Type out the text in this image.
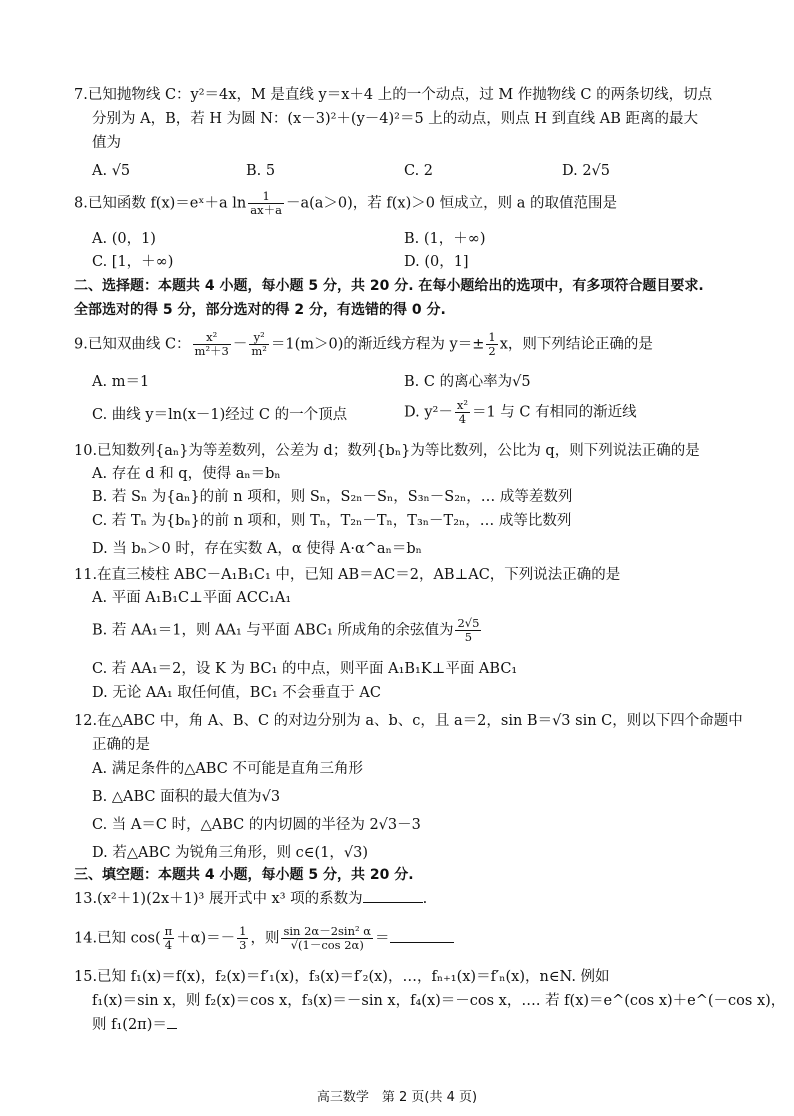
7.已知抛物线 C：y²＝4x，M 是直线 y＝x＋4 上的一个动点，过 M 作抛物线 C 的两条切线，切点
分别为 A，B，若 H 为圆 N：(x－3)²＋(y－4)²＝5 上的动点，则点 H 到直线 AB 距离的最大
值为
A. √5	B. 5	C. 2	D. 2√5
8.已知函数 f(x)＝eˣ＋a $\ln \frac{1}{ax+a} -a(a>0)$，若 f(x)＞0 恒成立，则 a 的取值范围是
A. (0，1)	B. (1，＋∞)
C. [1，＋∞)	D. (0，1]
二、选择题：本题共 4 小题，每小题 5 分，共 20 分. 在每小题给出的选项中，有多项符合题目要求.
全部选对的得 5 分，部分选对的得 2 分，有选错的得 0 分.
9.已知双曲线 C： $\frac{\text{x²}}{\text{m²＋3}} - \frac{\text{y²}}{\text{m²}} =1(m>0)$的渐近线方程为 $y=\pm \frac{1}{2}$ x，则下列结论正确的是
A. m＝1	B. C 的离心率为√5
C. 曲线 y＝ln(x－1)经过 C 的一个顶点	D. $y^2- \frac{\text{x²}}{4} =1$ 与 C 有相同的渐近线
10.已知数列{aₙ}为等差数列，公差为 d；数列{bₙ}为等比数列，公比为 q，则下列说法正确的是
A. 存在 d 和 q，使得 aₙ＝bₙ
B. 若 Sₙ 为{aₙ}的前 n 项和，则 Sₙ，S₂ₙ－Sₙ，S₃ₙ－S₂ₙ，… 成等差数列
C. 若 Tₙ 为{bₙ}的前 n 项和，则 Tₙ，T₂ₙ－Tₙ，T₃ₙ－T₂ₙ，… 成等比数列
D. 当 bₙ＞0 时，存在实数 A，α 使得 A·α^aₙ＝bₙ
11.在直三棱柱 ABC－A₁B₁C₁ 中，已知 AB＝AC＝2，AB⊥AC，下列说法正确的是
A. 平面 A₁B₁C⊥平面 ACC₁A₁
B. 若 AA₁＝1，则 AA₁ 与平面 ABC₁ 所成角的余弦值为 $\frac{2√5}{5}$
C. 若 AA₁＝2，设 K 为 BC₁ 的中点，则平面 A₁B₁K⊥平面 ABC₁
D. 无论 AA₁ 取任何值，BC₁ 不会垂直于 AC
12.在△ABC 中，角 A、B、C 的对边分别为 a、b、c，且 a＝2，sin B＝√3 sin C，则以下四个命题中
正确的是
A. 满足条件的△ABC 不可能是直角三角形
B. △ABC 面积的最大值为√3
C. 当 A＝C 时，△ABC 的内切圆的半径为 2√3－3
D. 若△ABC 为锐角三角形，则 c∈(1，√3)
三、填空题：本题共 4 小题，每小题 5 分，共 20 分.
13.(x²＋1)(2x＋1)³ 展开式中 x³ 项的系数为	.
14.已知 $\cos( \frac{\pi}{4} +\alpha)=- \frac{1}{3}$ ，则 $\frac{\text{sin 2α－2sin² α}}{√(1-\cos 2\alpha)}$ ＝
15.已知 f₁(x)＝f(x)，f₂(x)＝f′₁(x)，f₃(x)＝f′₂(x)，…，fₙ₊₁(x)＝f′ₙ(x)，n∈N. 例如
f₁(x)＝sin x，则 f₂(x)＝cos x，f₃(x)＝－sin x，f₄(x)＝－cos x，…. 若 f(x)＝e^(cos x)＋e^(－cos x)，
则 f₁(2π)＝
高三数学　第 2 页(共 4 页)
